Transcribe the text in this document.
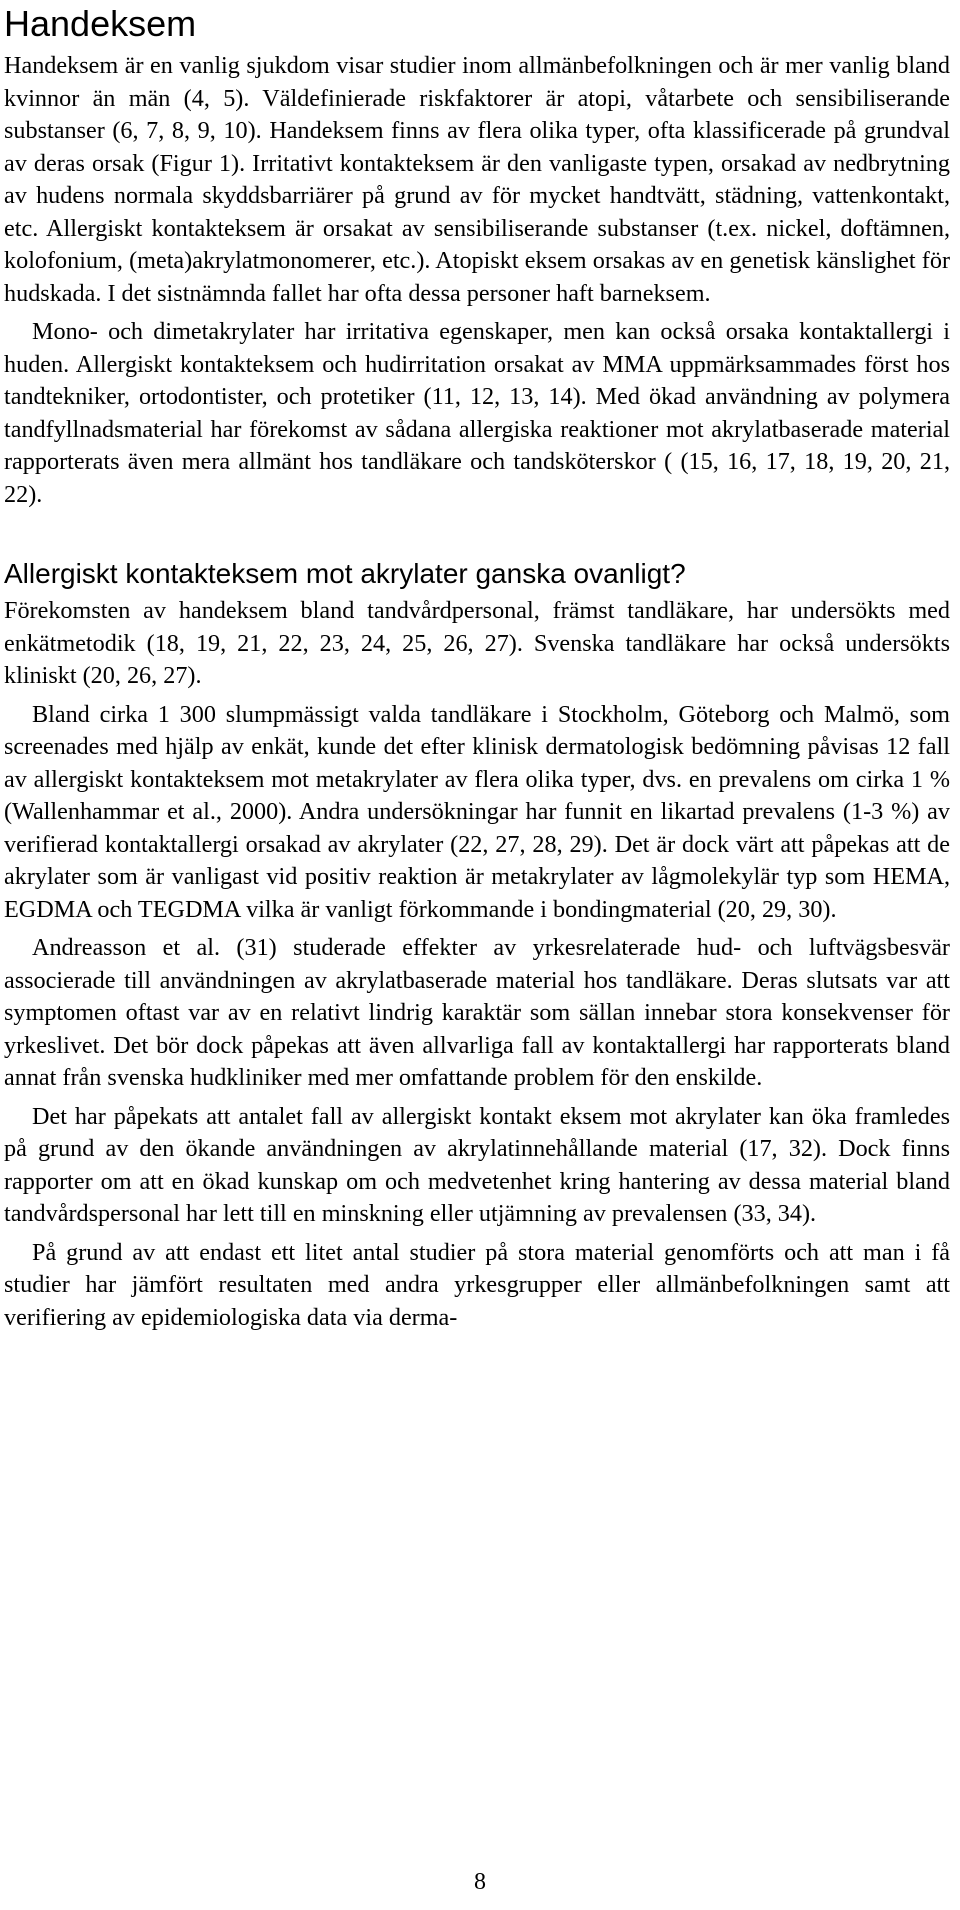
Handeksem

Handeksem är en vanlig sjukdom visar studier inom allmänbefolkningen och är mer vanlig bland kvinnor än män (4, 5). Väldefinierade riskfaktorer är atopi, våtarbete och sensibiliserande substanser (6, 7, 8, 9, 10). Handeksem finns av flera olika typer, ofta klassificerade på grundval av deras orsak (Figur 1). Irritativt kontakteksem är den vanligaste typen, orsakad av nedbrytning av hudens normala skyddsbarriärer på grund av för mycket handtvätt, städning, vattenkontakt, etc. Allergiskt kontakteksem är orsakat av sensibiliserande substanser (t.ex. nickel, doftämnen, kolofonium, (meta)akrylatmonomerer, etc.). Atopiskt eksem orsakas av en genetisk känslighet för hudskada. I det sistnämnda fallet har ofta dessa personer haft barneksem.

Mono- och dimetakrylater har irritativa egenskaper, men kan också orsaka kontaktallergi i huden. Allergiskt kontakteksem och hudirritation orsakat av MMA uppmärksammades först hos tandtekniker, ortodontister, och protetiker (11, 12, 13, 14). Med ökad användning av polymera tandfyllnadsmaterial har förekomst av sådana allergiska reaktioner mot akrylatbaserade material rapporterats även mera allmänt hos tandläkare och tandsköterskor ( (15, 16, 17, 18, 19, 20, 21, 22).

Allergiskt kontakteksem mot akrylater ganska ovanligt?

Förekomsten av handeksem bland tandvårdpersonal, främst tandläkare, har undersökts med enkätmetodik (18, 19, 21, 22, 23, 24, 25, 26, 27). Svenska tandläkare har också undersökts kliniskt (20, 26, 27).

Bland cirka 1 300 slumpmässigt valda tandläkare i Stockholm, Göteborg och Malmö, som screenades med hjälp av enkät, kunde det efter klinisk dermatologisk bedömning påvisas 12 fall av allergiskt kontakteksem mot metakrylater av flera olika typer, dvs. en prevalens om cirka 1 % (Wallenhammar et al., 2000). Andra undersökningar har funnit en likartad prevalens (1-3 %) av verifierad kontaktallergi orsakad av akrylater (22, 27, 28, 29). Det är dock värt att påpekas att de akrylater som är vanligast vid positiv reaktion är metakrylater av lågmolekylär typ som HEMA, EGDMA och TEGDMA vilka är vanligt förkommande i bondingmaterial (20, 29, 30).

Andreasson et al. (31) studerade effekter av yrkesrelaterade hud- och luftvägsbesvär associerade till användningen av akrylatbaserade material hos tandläkare. Deras slutsats var att symptomen oftast var av en relativt lindrig karaktär som sällan innebar stora konsekvenser för yrkeslivet. Det bör dock påpekas att även allvarliga fall av kontaktallergi har rapporterats bland annat från svenska hudkliniker med mer omfattande problem för den enskilde.

Det har påpekats att antalet fall av allergiskt kontakt eksem mot akrylater kan öka framledes på grund av den ökande användningen av akrylatinnehållande material (17, 32). Dock finns rapporter om att en ökad kunskap om och medvetenhet kring hantering av dessa material bland tandvårdspersonal har lett till en minskning eller utjämning av prevalensen (33, 34).

På grund av att endast ett litet antal studier på stora material genomförts och att man i få studier har jämfört resultaten med andra yrkesgrupper eller allmänbefolkningen samt att verifiering av epidemiologiska data via derma-

8
